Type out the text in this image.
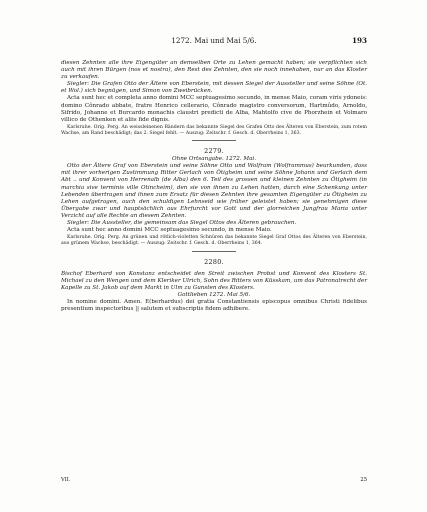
1272. Mai und Mai 5/6.	193

diesen Zehnten alle ihre Eigengüter an demselben Orte zu Lehen gemacht haben; sie verpflichten sich auch mit ihren Bürgen (nos et nostra), den Rest des Zehnten, den sie noch innehaben, nur an das Kloster zu verkaufen.

Siegler: Die Grafen Otto der Ältere von Eberstein, mit dessen Siegel der Aussteller und seine Söhne (Ot. et Wol.) sich begnügen, und Simon von Zweibrücken.

Acta sunt hec et completa anno domini MCC septuagesimo secundo, in mense Maio, coram viris ydoneis: domino Cônrado abbate, fratre Henrico cellerario, Cônrado magistro conversorum, Hartmûdo, Arnoldo, Sifrido, Johanne et Burcardo monachis claustri predicti de Alba, Mahtolfo cive de Phorzhein et Volmaro villico de Othenken et aliis fide dignis.

Karlsruhe. Orig. Perg. An weissleinenen Bändern das bekannte Siegel des Grafen Otto des Älteren von Eberstein, zum rotem Wachse, am Rand beschädigt; das 2. Siegel fehlt. — Auszug: Zeitschr. f. Gesch. d. Oberrheins 1, 363.

2279.
Ohne Ortsangabe. 1272. Mai.

Otto der Ältere Graf von Eberstein und seine Söhne Otto und Wolfram (Wolframmus) beurkunden, dass mit ihrer vorherigen Zustimmung Ritter Gerlach von Ötigheim und seine Söhne Johann und Gerlach dem Abt .. und Konvent von Herrenalb (de Alba) den 6. Teil des grossen und kleinen Zehnten zu Ötigheim (in marchia sive terminis ville Otincheim), den sie von ihnen zu Lehen hatten, durch eine Schenkung unter Lebenden übertragen und ihnen zum Ersatz für diesen Zehnten ihre gesamten Eigengüter zu Ötigheim zu Lehen aufgetragen, auch den schuldigen Lehnseid wie früher geleistet haben; sie genehmigen diese Übergabe zwar und hauptsächlich aus Ehrfurcht vor Gott und der glorreichen Jungfrau Maria unter Verzicht auf alle Rechte an diesem Zehnten.

Siegler: Die Aussteller, die gemeinsam das Siegel Ottos des Älteren gebrauchen.

Acta sunt hec anno domini MCC septuagesimo secundo, in mense Maio.

Karlsruhe. Orig. Perg. An grünen und rötlich-violetten Schnüren das bekannte Siegel Graf Ottos des Älteren von Eberstein, aus grünem Wachse, beschädigt. — Auszug: Zeitschr. f. Gesch. d. Oberrheins 1, 364.

2280.

Bischof Eberhard von Konstanz entscheidet den Streit zwischen Probst und Konvent des Klosters St. Michael zu den Wengen und dem Kleriker Ulrich, Sohn des Ritters von Küsskam, um das Patronatrecht der Kapelle zu St. Jakob auf dem Markt in Ulm zu Gunsten des Klosters.

Gottlieben 1272. Mai 5/6.

In nomine domini. Amen. E(berhardus) dei gratia Constantiensis episcopus omnibus Christi fidelibus presentium inspectoribus || salutem et subscriptis fidem adhibere.

VII.	25
